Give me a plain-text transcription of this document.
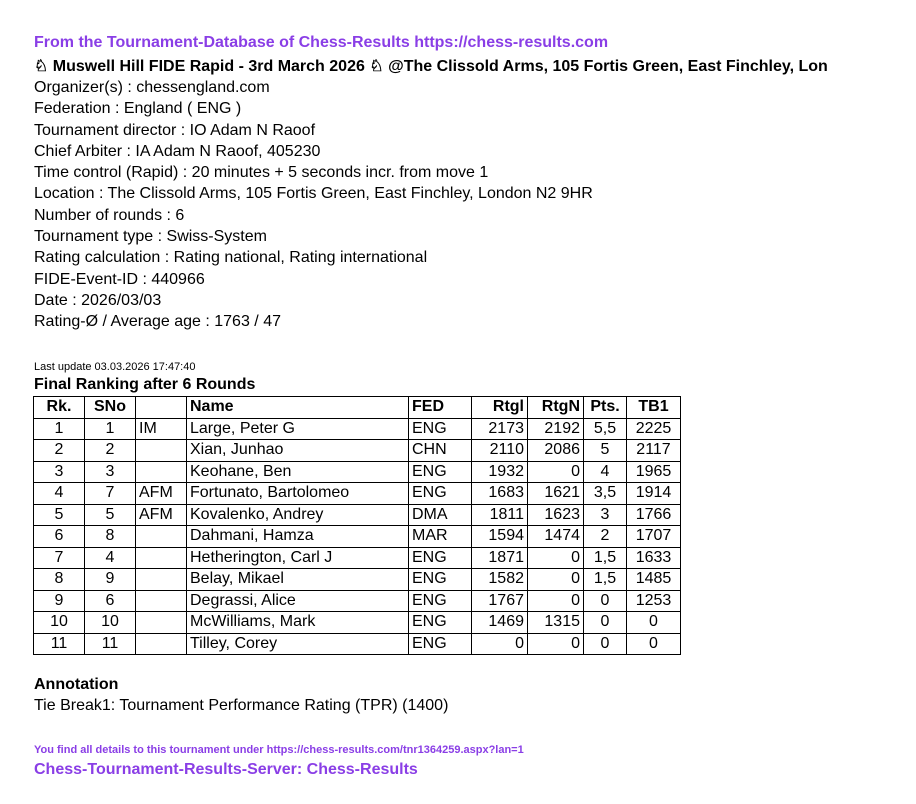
From the Tournament-Database of Chess-Results https://chess-results.com
♘ Muswell Hill FIDE Rapid - 3rd March 2026 ♘ @The Clissold Arms, 105 Fortis Green, East Finchley, Lon
Organizer(s) : chessengland.com
Federation : England ( ENG )
Tournament director : IO Adam N Raoof
Chief Arbiter : IA Adam N Raoof, 405230
Time control (Rapid) : 20 minutes + 5 seconds incr. from move 1
Location : The Clissold Arms, 105 Fortis Green, East Finchley, London N2 9HR
Number of rounds : 6
Tournament type : Swiss-System
Rating calculation : Rating national, Rating international
FIDE-Event-ID : 440966
Date : 2026/03/03
Rating-Ø / Average age : 1763 / 47
Last update 03.03.2026 17:47:40
Final Ranking after 6 Rounds
Rk.	SNo		Name	FED	Rtgl	RtgN	Pts.	TB1
1	1	IM	Large, Peter G	ENG	2173	2192	5,5	2225
2	2		Xian, Junhao	CHN	2110	2086	5	2117
3	3		Keohane, Ben	ENG	1932	0	4	1965
4	7	AFM	Fortunato, Bartolomeo	ENG	1683	1621	3,5	1914
5	5	AFM	Kovalenko, Andrey	DMA	1811	1623	3	1766
6	8		Dahmani, Hamza	MAR	1594	1474	2	1707
7	4		Hetherington, Carl J	ENG	1871	0	1,5	1633
8	9		Belay, Mikael	ENG	1582	0	1,5	1485
9	6		Degrassi, Alice	ENG	1767	0	0	1253
10	10		McWilliams, Mark	ENG	1469	1315	0	0
11	11		Tilley, Corey	ENG	0	0	0	0
Annotation
Tie Break1: Tournament Performance Rating (TPR) (1400)
You find all details to this tournament under https://chess-results.com/tnr1364259.aspx?lan=1
Chess-Tournament-Results-Server: Chess-Results
